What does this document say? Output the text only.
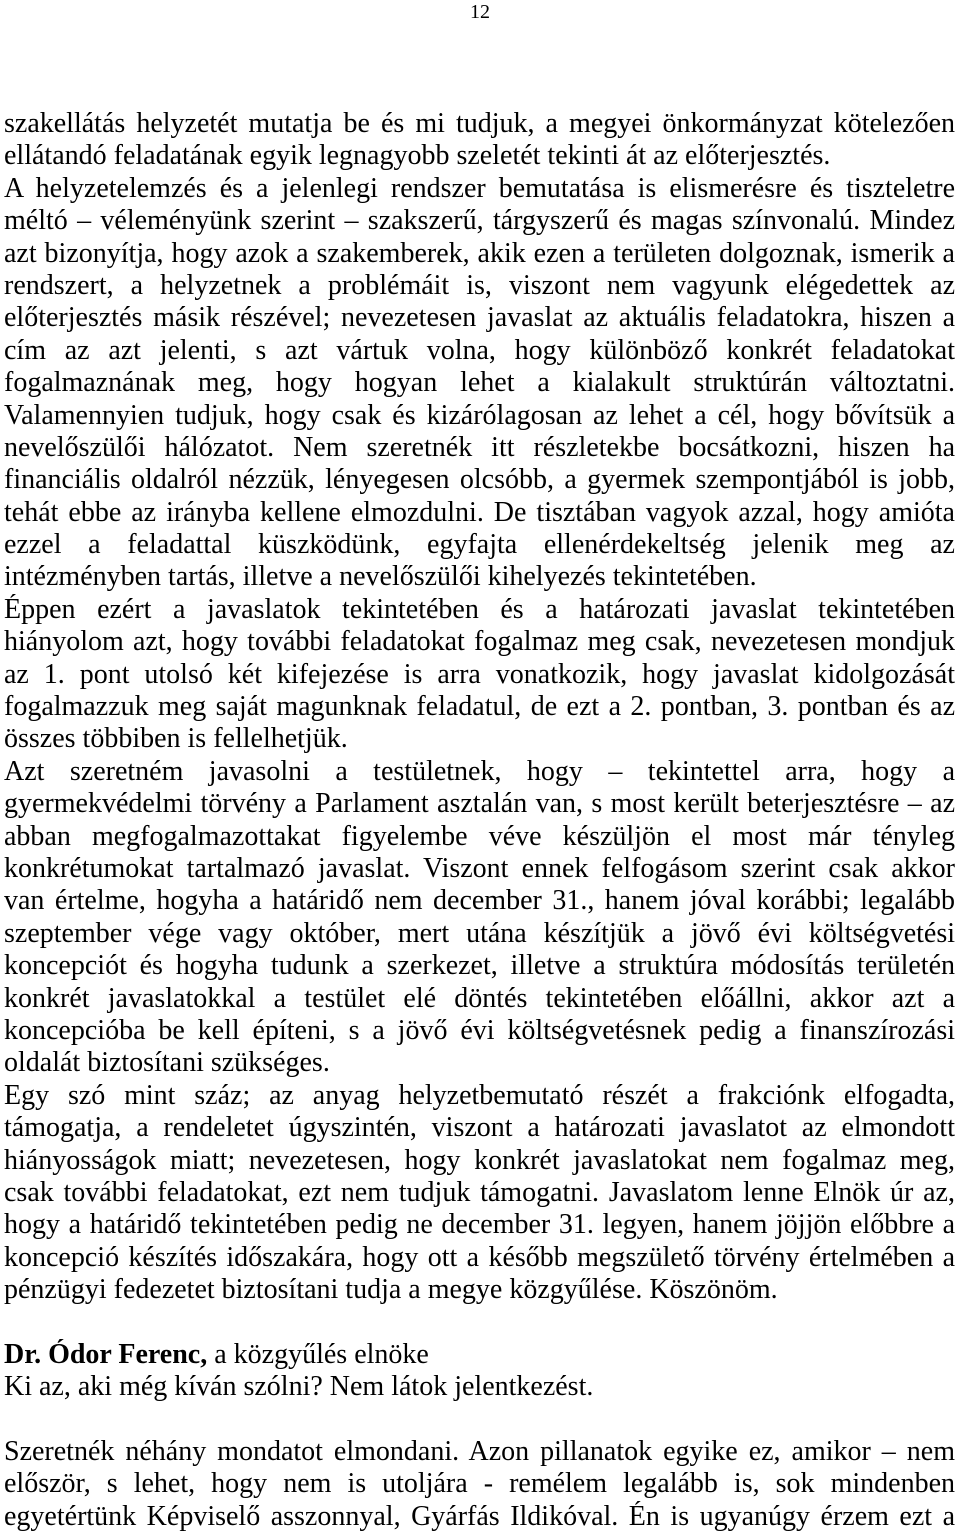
12
szakellátás helyzetét mutatja be és mi tudjuk, a megyei önkormányzat kötelezően
ellátandó feladatának egyik legnagyobb szeletét tekinti át az előterjesztés.
A helyzetelemzés és a jelenlegi rendszer bemutatása is elismerésre és tiszteletre
méltó – véleményünk szerint – szakszerű, tárgyszerű és magas színvonalú. Mindez
azt bizonyítja, hogy azok a szakemberek, akik ezen a területen dolgoznak, ismerik a
rendszert, a helyzetnek a problémáit is, viszont nem vagyunk elégedettek az
előterjesztés másik részével; nevezetesen javaslat az aktuális feladatokra, hiszen a
cím az azt jelenti, s azt vártuk volna, hogy különböző konkrét feladatokat
fogalmaznának meg, hogy hogyan lehet a kialakult struktúrán változtatni.
Valamennyien tudjuk, hogy csak és kizárólagosan az lehet a cél, hogy bővítsük a
nevelőszülői hálózatot. Nem szeretnék itt részletekbe bocsátkozni, hiszen ha
financiális oldalról nézzük, lényegesen olcsóbb, a gyermek szempontjából is jobb,
tehát ebbe az irányba kellene elmozdulni. De tisztában vagyok azzal, hogy amióta
ezzel a feladattal küszködünk, egyfajta ellenérdekeltség jelenik meg az
intézményben tartás, illetve a nevelőszülői kihelyezés tekintetében.
Éppen ezért a javaslatok tekintetében és a határozati javaslat tekintetében
hiányolom azt, hogy további feladatokat fogalmaz meg csak, nevezetesen mondjuk
az 1. pont utolsó két kifejezése is arra vonatkozik, hogy javaslat kidolgozását
fogalmazzuk meg saját magunknak feladatul, de ezt a 2. pontban, 3. pontban és az
összes többiben is fellelhetjük.
Azt szeretném javasolni a testületnek, hogy – tekintettel arra, hogy a
gyermekvédelmi törvény a Parlament asztalán van, s most került beterjesztésre – az
abban megfogalmazottakat figyelembe véve készüljön el most már tényleg
konkrétumokat tartalmazó javaslat. Viszont ennek felfogásom szerint csak akkor
van értelme, hogyha a határidő nem december 31., hanem jóval korábbi; legalább
szeptember vége vagy október, mert utána készítjük a jövő évi költségvetési
koncepciót és hogyha tudunk a szerkezet, illetve a struktúra módosítás területén
konkrét javaslatokkal a testület elé döntés tekintetében előállni, akkor azt a
koncepcióba be kell építeni, s a jövő évi költségvetésnek pedig a finanszírozási
oldalát biztosítani szükséges.
Egy szó mint száz; az anyag helyzetbemutató részét a frakciónk elfogadta,
támogatja, a rendeletet úgyszintén, viszont a határozati javaslatot az elmondott
hiányosságok miatt; nevezetesen, hogy konkrét javaslatokat nem fogalmaz meg,
csak további feladatokat, ezt nem tudjuk támogatni. Javaslatom lenne Elnök úr az,
hogy a határidő tekintetében pedig ne december 31. legyen, hanem jöjjön előbbre a
koncepció készítés időszakára, hogy ott a később megszülető törvény értelmében a
pénzügyi fedezetet biztosítani tudja a megye közgyűlése. Köszönöm.
Dr. Ódor Ferenc, a közgyűlés elnöke
Ki az, aki még kíván szólni? Nem látok jelentkezést.
Szeretnék néhány mondatot elmondani. Azon pillanatok egyike ez, amikor – nem
először, s lehet, hogy nem is utoljára - remélem legalább is, sok mindenben
egyetértünk Képviselő asszonnyal, Gyárfás Ildikóval. Én is ugyanúgy érzem ezt a
